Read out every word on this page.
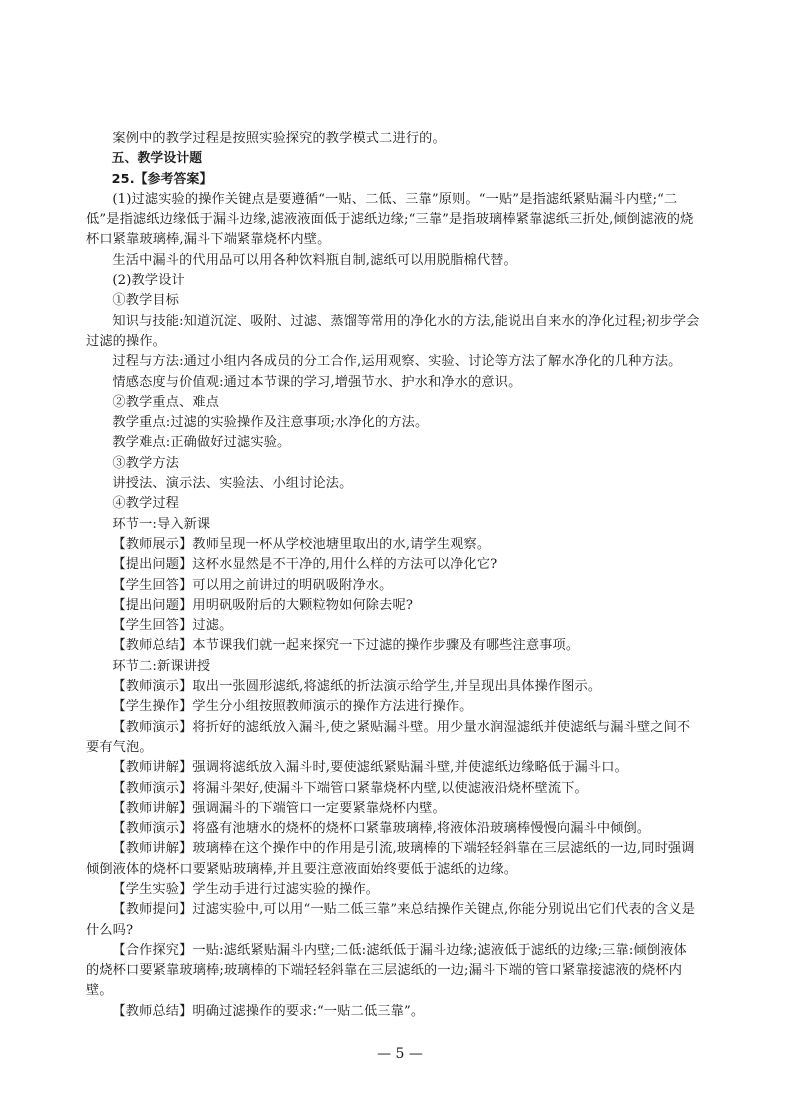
案例中的教学过程是按照实验探究的教学模式二进行的。

五、教学设计题

25.【参考答案】

(1)过滤实验的操作关键点是要遵循“一贴、二低、三靠”原则。“一贴”是指滤纸紧贴漏斗内壁;“二低”是指滤纸边缘低于漏斗边缘,滤液液面低于滤纸边缘;“三靠”是指玻璃棒紧靠滤纸三折处,倾倒滤液的烧杯口紧靠玻璃棒,漏斗下端紧靠烧杯内壁。

生活中漏斗的代用品可以用各种饮料瓶自制,滤纸可以用脱脂棉代替。

(2)教学设计

①教学目标

知识与技能:知道沉淀、吸附、过滤、蒸馏等常用的净化水的方法,能说出自来水的净化过程;初步学会过滤的操作。

过程与方法:通过小组内各成员的分工合作,运用观察、实验、讨论等方法了解水净化的几种方法。

情感态度与价值观:通过本节课的学习,增强节水、护水和净水的意识。

②教学重点、难点

教学重点:过滤的实验操作及注意事项;水净化的方法。

教学难点:正确做好过滤实验。

③教学方法

讲授法、演示法、实验法、小组讨论法。

④教学过程

环节一:导入新课

【教师展示】教师呈现一杯从学校池塘里取出的水,请学生观察。

【提出问题】这杯水显然是不干净的,用什么样的方法可以净化它?

【学生回答】可以用之前讲过的明矾吸附净水。

【提出问题】用明矾吸附后的大颗粒物如何除去呢?

【学生回答】过滤。

【教师总结】本节课我们就一起来探究一下过滤的操作步骤及有哪些注意事项。

环节二:新课讲授

【教师演示】取出一张圆形滤纸,将滤纸的折法演示给学生,并呈现出具体操作图示。

【学生操作】学生分小组按照教师演示的操作方法进行操作。

【教师演示】将折好的滤纸放入漏斗,使之紧贴漏斗壁。用少量水润湿滤纸并使滤纸与漏斗壁之间不要有气泡。

【教师讲解】强调将滤纸放入漏斗时,要使滤纸紧贴漏斗壁,并使滤纸边缘略低于漏斗口。

【教师演示】将漏斗架好,使漏斗下端管口紧靠烧杯内壁,以使滤液沿烧杯壁流下。

【教师讲解】强调漏斗的下端管口一定要紧靠烧杯内壁。

【教师演示】将盛有池塘水的烧杯的烧杯口紧靠玻璃棒,将液体沿玻璃棒慢慢向漏斗中倾倒。

【教师讲解】玻璃棒在这个操作中的作用是引流,玻璃棒的下端轻轻斜靠在三层滤纸的一边,同时强调倾倒液体的烧杯口要紧贴玻璃棒,并且要注意液面始终要低于滤纸的边缘。

【学生实验】学生动手进行过滤实验的操作。

【教师提问】过滤实验中,可以用“一贴二低三靠”来总结操作关键点,你能分别说出它们代表的含义是什么吗?

【合作探究】一贴:滤纸紧贴漏斗内壁;二低:滤纸低于漏斗边缘;滤液低于滤纸的边缘;三靠:倾倒液体的烧杯口要紧靠玻璃棒;玻璃棒的下端轻轻斜靠在三层滤纸的一边;漏斗下端的管口紧靠接滤液的烧杯内壁。

【教师总结】明确过滤操作的要求:“一贴二低三靠”。

— 5 —
